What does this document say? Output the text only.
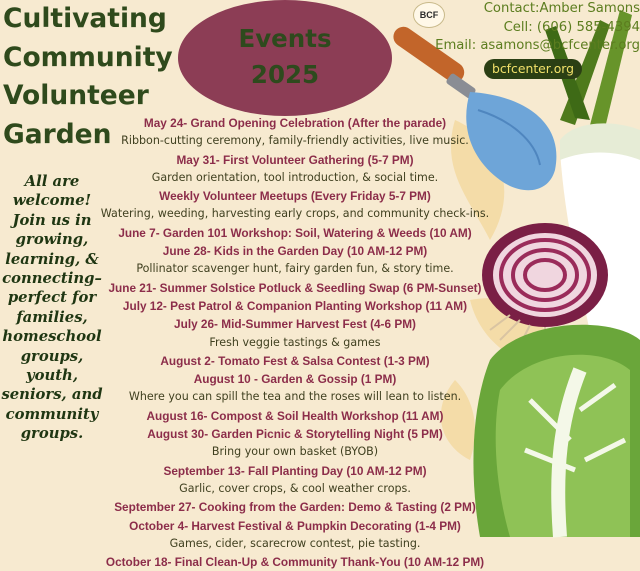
Cultivating
Community
Volunteer
Garden
Events
2025
BCF	Contact:Amber Samons
Cell: (606) 585-4394
Email: asamons@bcfcenter.org
bcfcenter.org
All are
welcome!
Join us in
growing,
learning, &
connecting–
perfect for
families,
homeschool
groups,
youth,
seniors, and
community
groups.
May 24- Grand Opening Celebration (After the parade)
Ribbon-cutting ceremony, family-friendly activities, live music.
May 31- First Volunteer Gathering (5-7 PM)
Garden orientation, tool introduction, & social time.
Weekly Volunteer Meetups (Every Friday 5-7 PM)
Watering, weeding, harvesting early crops, and community check-ins.
June 7- Garden 101 Workshop: Soil, Watering & Weeds (10 AM)
June 28- Kids in the Garden Day (10 AM-12 PM)
Pollinator scavenger hunt, fairy garden fun, & story time.
June 21- Summer Solstice Potluck & Seedling Swap (6 PM-Sunset)
July 12- Pest Patrol & Companion Planting Workshop (11 AM)
July 26- Mid-Summer Harvest Fest (4-6 PM)
Fresh veggie tastings & games
August 2- Tomato Fest & Salsa Contest (1-3 PM)
August 10 - Garden & Gossip (1 PM)
Where you can spill the tea and the roses will lean to listen.
August 16- Compost & Soil Health Workshop (11 AM)
August 30- Garden Picnic & Storytelling Night (5 PM)
Bring your own basket (BYOB)
September 13- Fall Planting Day (10 AM-12 PM)
Garlic, cover crops, & cool weather crops.
September 27- Cooking from the Garden: Demo & Tasting (2 PM)
October 4- Harvest Festival & Pumpkin Decorating (1-4 PM)
Games, cider, scarecrow contest, pie tasting.
October 18- Final Clean-Up & Community Thank-You (10 AM-12 PM)
